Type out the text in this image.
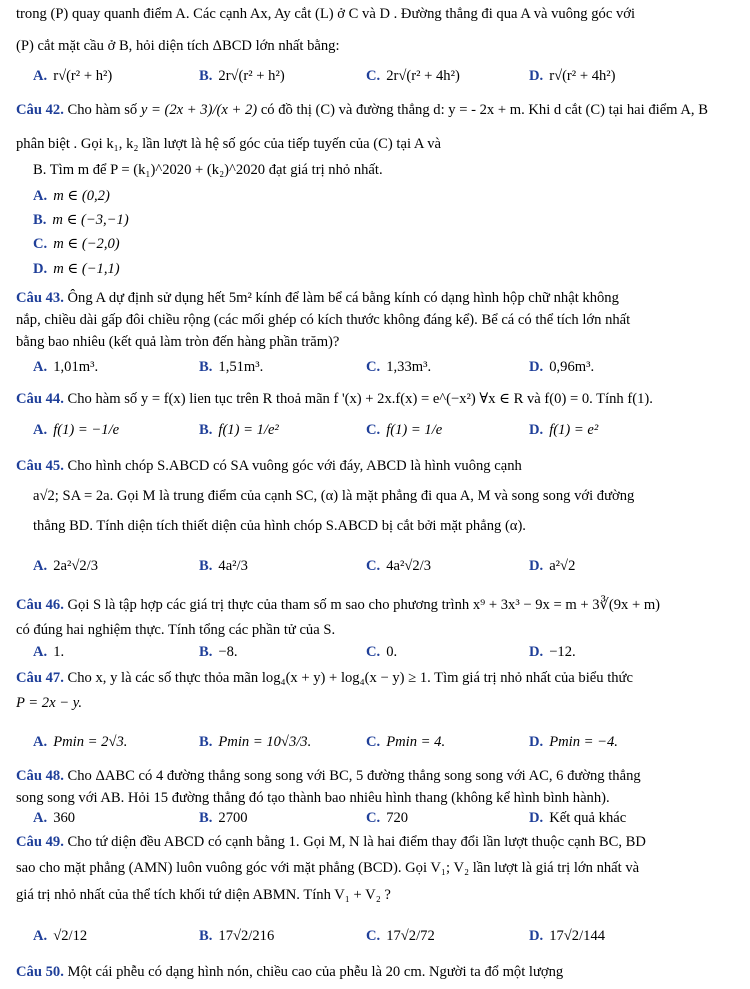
trong (P) quay quanh điểm A. Các cạnh Ax, Ay cắt (L) ở C và D . Đường thẳng đi qua A và vuông góc với
(P) cắt mặt cầu ở B, hỏi diện tích ΔBCD lớn nhất bằng:
A. r√(r² + h²)	B. 2r√(r² + h²)	C. 2r√(r² + 4h²)	D. r√(r² + 4h²)
Câu 42. Cho hàm số y = (2x + 3)/(x + 2) có đồ thị (C) và đường thẳng d: y = - 2x + m. Khi d cắt (C) tại hai điểm A, B
phân biệt . Gọi k₁, k₂ lần lượt là hệ số góc của tiếp tuyến của (C) tại A và
B. Tìm m để P = (k₁)^2020 + (k₂)^2020 đạt giá trị nhỏ nhất.
A. m ∈ (0,2)
B. m ∈ (−3,−1)
C. m ∈ (−2,0)
D. m ∈ (−1,1)
Câu 43. Ông A dự định sử dụng hết 5m² kính để làm bể cá bằng kính có dạng hình hộp chữ nhật không
nắp, chiều dài gấp đôi chiều rộng (các mối ghép có kích thước không đáng kể). Bể cá có thể tích lớn nhất
bằng bao nhiêu (kết quả làm tròn đến hàng phần trăm)?
A. 1,01m³.	B. 1,51m³.	C. 1,33m³.	D. 0,96m³.
Câu 44. Cho hàm số y = f(x) lien tục trên R thoả mãn f '(x) + 2x.f(x) = e^(−x²) ∀x ∈ R và f(0) = 0. Tính f(1).
A. f(1) = −1/e	B. f(1) = 1/e²	C. f(1) = 1/e	D. f(1) = e²
Câu 45. Cho hình chóp S.ABCD có SA vuông góc với đáy, ABCD là hình vuông cạnh
a√2; SA = 2a. Gọi M là trung điểm của cạnh SC, (α) là mặt phẳng đi qua A, M và song song với đường
thẳng BD. Tính diện tích thiết diện của hình chóp S.ABCD bị cắt bởi mặt phẳng (α).
A. 2a²√2/3	B. 4a²/3	C. 4a²√2/3	D. a²√2
Câu 46. Gọi S là tập hợp các giá trị thực của tham số m sao cho phương trình x⁹ + 3x³ − 9x = m + 3∛(9x + m)
có đúng hai nghiệm thực. Tính tổng các phần tử của S.
A. 1.	B. −8.	C. 0.	D. −12.
Câu 47. Cho x, y là các số thực thỏa mãn log₄(x + y) + log₄(x − y) ≥ 1. Tìm giá trị nhỏ nhất của biểu thức
P = 2x − y.
A. Pmin = 2√3.	B. Pmin = 10√3/3.	C. Pmin = 4.	D. Pmin = −4.
Câu 48. Cho ΔABC có 4 đường thẳng song song với BC, 5 đường thẳng song song với AC, 6 đường thẳng
song song với AB. Hỏi 15 đường thẳng đó tạo thành bao nhiêu hình thang (không kể hình bình hành).
A. 360	B. 2700	C. 720	D. Kết quả khác
Câu 49. Cho tứ diện đều ABCD có cạnh bằng 1. Gọi M, N là hai điểm thay đổi lần lượt thuộc cạnh BC, BD
sao cho mặt phẳng (AMN) luôn vuông góc với mặt phẳng (BCD). Gọi V₁; V₂ lần lượt là giá trị lớn nhất và
giá trị nhỏ nhất của thể tích khối tứ diện ABMN. Tính V₁ + V₂ ?
A. √2/12	B. 17√2/216	C. 17√2/72	D. 17√2/144
Câu 50. Một cái phễu có dạng hình nón, chiều cao của phễu là 20 cm. Người ta đổ một lượng
